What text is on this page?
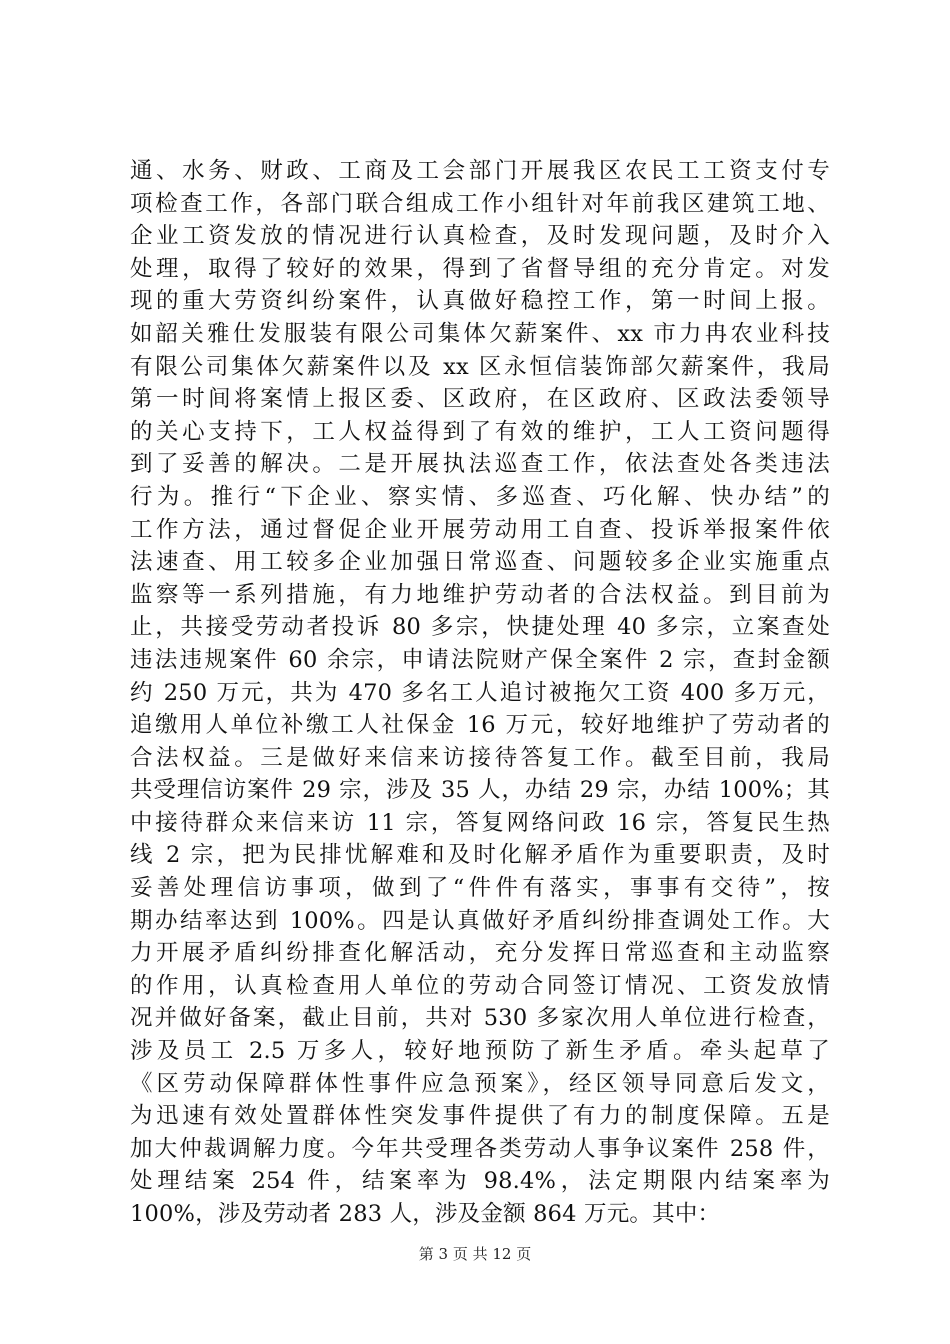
通、水务、财政、工商及工会部门开展我区农民工工资支付专
项检查工作，各部门联合组成工作小组针对年前我区建筑工地、
企业工资发放的情况进行认真检查，及时发现问题，及时介入
处理，取得了较好的效果，得到了省督导组的充分肯定。对发
现的重大劳资纠纷案件，认真做好稳控工作，第一时间上报。
如韶关雅仕发服装有限公司集体欠薪案件、xx 市力冉农业科技
有限公司集体欠薪案件以及 xx 区永恒信装饰部欠薪案件，我局
第一时间将案情上报区委、区政府，在区政府、区政法委领导
的关心支持下，工人权益得到了有效的维护，工人工资问题得
到了妥善的解决。二是开展执法巡查工作，依法查处各类违法
行为。推行“下企业、察实情、多巡查、巧化解、快办结”的
工作方法，通过督促企业开展劳动用工自查、投诉举报案件依
法速查、用工较多企业加强日常巡查、问题较多企业实施重点
监察等一系列措施，有力地维护劳动者的合法权益。到目前为
止，共接受劳动者投诉 80 多宗，快捷处理 40 多宗，立案查处
违法违规案件 60 余宗，申请法院财产保全案件 2 宗，查封金额
约 250 万元，共为 470 多名工人追讨被拖欠工资 400 多万元，
追缴用人单位补缴工人社保金 16 万元，较好地维护了劳动者的
合法权益。三是做好来信来访接待答复工作。截至目前，我局
共受理信访案件 29 宗，涉及 35 人，办结 29 宗，办结 100%；其
中接待群众来信来访 11 宗，答复网络问政 16 宗，答复民生热
线 2 宗，把为民排忧解难和及时化解矛盾作为重要职责，及时
妥善处理信访事项，做到了“件件有落实，事事有交待”，按
期办结率达到 100%。四是认真做好矛盾纠纷排查调处工作。大
力开展矛盾纠纷排查化解活动，充分发挥日常巡查和主动监察
的作用，认真检查用人单位的劳动合同签订情况、工资发放情
况并做好备案，截止目前，共对 530 多家次用人单位进行检查，
涉及员工 2.5 万多人，较好地预防了新生矛盾。牵头起草了
《区劳动保障群体性事件应急预案》，经区领导同意后发文，
为迅速有效处置群体性突发事件提供了有力的制度保障。五是
加大仲裁调解力度。今年共受理各类劳动人事争议案件 258 件，
处理结案 254 件，结案率为 98.4%，法定期限内结案率为
100%，涉及劳动者 283 人，涉及金额 864 万元。其中：
第 3 页 共 12 页
